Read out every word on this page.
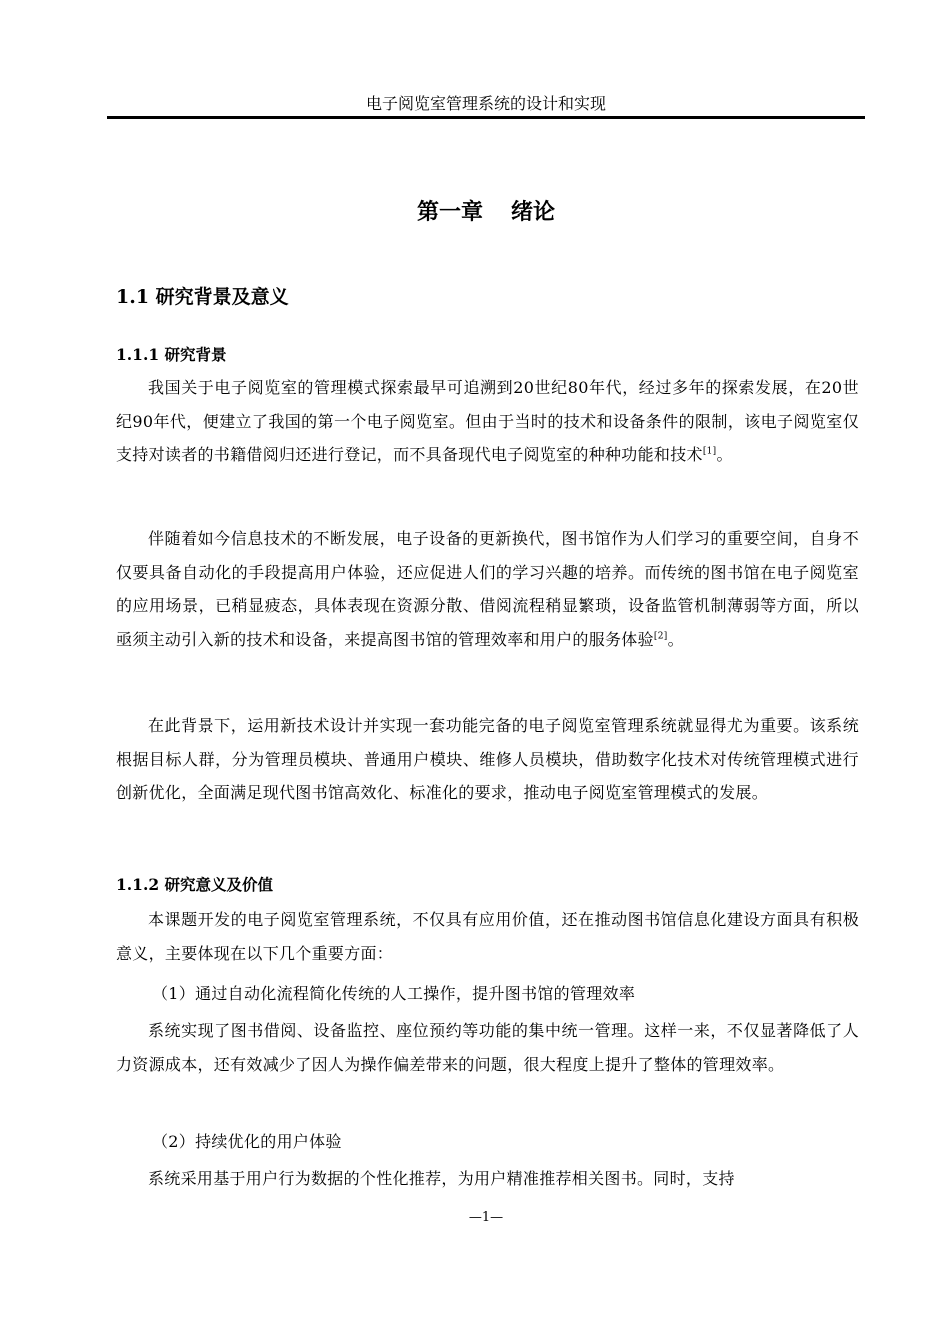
电子阅览室管理系统的设计和实现
第一章 绪论
1.1 研究背景及意义
1.1.1 研究背景

我国关于电子阅览室的管理模式探索最早可追溯到20世纪80年代，经过多年的探索发展，在20世纪90年代，便建立了我国的第一个电子阅览室。但由于当时的技术和设备条件的限制，该电子阅览室仅支持对读者的书籍借阅归还进行登记，而不具备现代电子阅览室的种种功能和技术[1]。

伴随着如今信息技术的不断发展，电子设备的更新换代，图书馆作为人们学习的重要空间，自身不仅要具备自动化的手段提高用户体验，还应促进人们的学习兴趣的培养。而传统的图书馆在电子阅览室的应用场景，已稍显疲态，具体表现在资源分散、借阅流程稍显繁琐，设备监管机制薄弱等方面，所以亟须主动引入新的技术和设备，来提高图书馆的管理效率和用户的服务体验[2]。

在此背景下，运用新技术设计并实现一套功能完备的电子阅览室管理系统就显得尤为重要。该系统根据目标人群，分为管理员模块、普通用户模块、维修人员模块，借助数字化技术对传统管理模式进行创新优化，全面满足现代图书馆高效化、标准化的要求，推动电子阅览室管理模式的发展。

1.1.2 研究意义及价值

本课题开发的电子阅览室管理系统，不仅具有应用价值，还在推动图书馆信息化建设方面具有积极意义，主要体现在以下几个重要方面：

（1）通过自动化流程简化传统的人工操作，提升图书馆的管理效率

系统实现了图书借阅、设备监控、座位预约等功能的集中统一管理。这样一来，不仅显著降低了人力资源成本，还有效减少了因人为操作偏差带来的问题，很大程度上提升了整体的管理效率。

（2）持续优化的用户体验

系统采用基于用户行为数据的个性化推荐，为用户精准推荐相关图书。同时，支持

—1—
